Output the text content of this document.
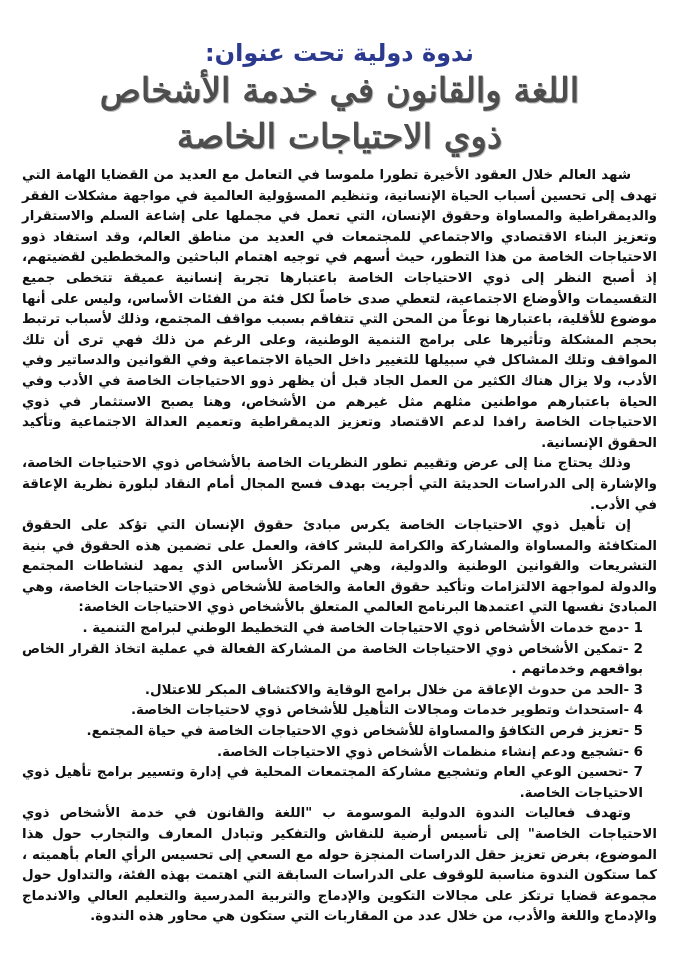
ندوة دولية تحت عنوان:

اللغة والقانون في خدمة الأشخاص

ذوي الاحتياجات الخاصة

شهد العالم خلال العقود الأخيرة تطورا ملموسا في التعامل مع العديد من القضايا الهامة التي تهدف إلى تحسين أسباب الحياة الإنسانية، وتنظيم المسؤولية العالمية في مواجهة مشكلات الفقر والديمقراطية والمساواة وحقوق الإنسان، التي تعمل في مجملها على إشاعة السلم والاستقرار وتعزيز البناء الاقتصادي والاجتماعي للمجتمعات في العديد من مناطق العالم، وقد استفاد ذوو الاحتياجات الخاصة من هذا التطور، حيث أسهم في توجيه اهتمام الباحثين والمخططين لقضيتهم، إذ أصبح النظر إلى ذوي الاحتياجات الخاصة باعتبارها تجربة إنسانية عميقة تتخطى جميع التقسيمات والأوضاع الاجتماعية، لتعطي صدى خاصاً لكل فئة من الفئات الأساس، وليس على أنها موضوع للأقلية، باعتبارها نوعاً من المحن التي تتفاقم بسبب مواقف المجتمع، وذلك لأسباب ترتبط بحجم المشكلة وتأثيرها على برامج التنمية الوطنية، وعلى الرغم من ذلك فهي ترى أن تلك المواقف وتلك المشاكل في سبيلها للتغيير داخل الحياة الاجتماعية وفي القوانين والدساتير وفي الأدب، ولا يزال هناك الكثير من العمل الجاد قبل أن يظهر ذوو الاحتياجات الخاصة في الأدب وفي الحياة باعتبارهم مواطنين مثلهم مثل غيرهم من الأشخاص، وهنا يصبح الاستثمار في ذوي الاحتياجات الخاصة رافدا لدعم الاقتصاد وتعزيز الديمقراطية وتعميم العدالة الاجتماعية وتأكيد الحقوق الإنسانية.

وذلك يحتاج منا إلى عرض وتقييم تطور النظريات الخاصة بالأشخاص ذوي الاحتياجات الخاصة، والإشارة إلى الدراسات الحديثة التي أجريت بهدف فسح المجال أمام النقاد لبلورة نظرية الإعاقة في الأدب.

إن تأهيل ذوي الاحتياجات الخاصة يكرس مبادئ حقوق الإنسان التي تؤكد على الحقوق المتكافئة والمساواة والمشاركة والكرامة للبشر كافة، والعمل على تضمين هذه الحقوق في بنية التشريعات والقوانين الوطنية والدولية، وهي المرتكز الأساس الذي يمهد لنشاطات المجتمع والدولة لمواجهة الالتزامات وتأكيد حقوق العامة والخاصة للأشخاص ذوي الاحتياجات الخاصة، وهي المبادئ نفسها التي اعتمدها البرنامج العالمي المتعلق بالأشخاص ذوي الاحتياجات الخاصة:

1 -دمج خدمات الأشخاص ذوي الاحتياجات الخاصة في التخطيط الوطني لبرامج التنمية .
2 -تمكين الأشخاص ذوي الاحتياجات الخاصة من المشاركة الفعالة في عملية اتخاذ القرار الخاص بواقعهم وخدماتهم .
3 -الحد من حدوث الإعاقة من خلال برامج الوقاية والاكتشاف المبكر للاعتلال.
4 -استحداث وتطوير خدمات ومجالات التأهيل للأشخاص ذوي لاحتياجات الخاصة.
5 -تعزيز فرص التكافؤ والمساواة للأشخاص ذوي الاحتياجات الخاصة في حياة المجتمع.
6 -تشجيع ودعم إنشاء منظمات الأشخاص ذوي الاحتياجات الخاصة.
7 -تحسين الوعي العام وتشجيع مشاركة المجتمعات المحلية في إدارة وتسيير برامج تأهيل ذوي الاحتياجات الخاصة.

وتهدف فعاليات الندوة الدولية الموسومة ب "اللغة والقانون في خدمة الأشخاص ذوي الاحتياجات الخاصة" إلى تأسيس أرضية للنقاش والتفكير وتبادل المعارف والتجارب حول هذا الموضوع، بغرض تعزيز حقل الدراسات المنجزة حوله مع السعي إلى تحسيس الرأي العام بأهميته ، كما ستكون الندوة مناسبة للوقوف على الدراسات السابقة التي اهتمت بهذه الفئة، والتداول حول مجموعة قضايا ترتكز على مجالات التكوين والإدماج والتربية المدرسية والتعليم العالي والاندماج والإدماج واللغة والأدب، من خلال عدد من المقاربات التي ستكون هي محاور هذه الندوة.
